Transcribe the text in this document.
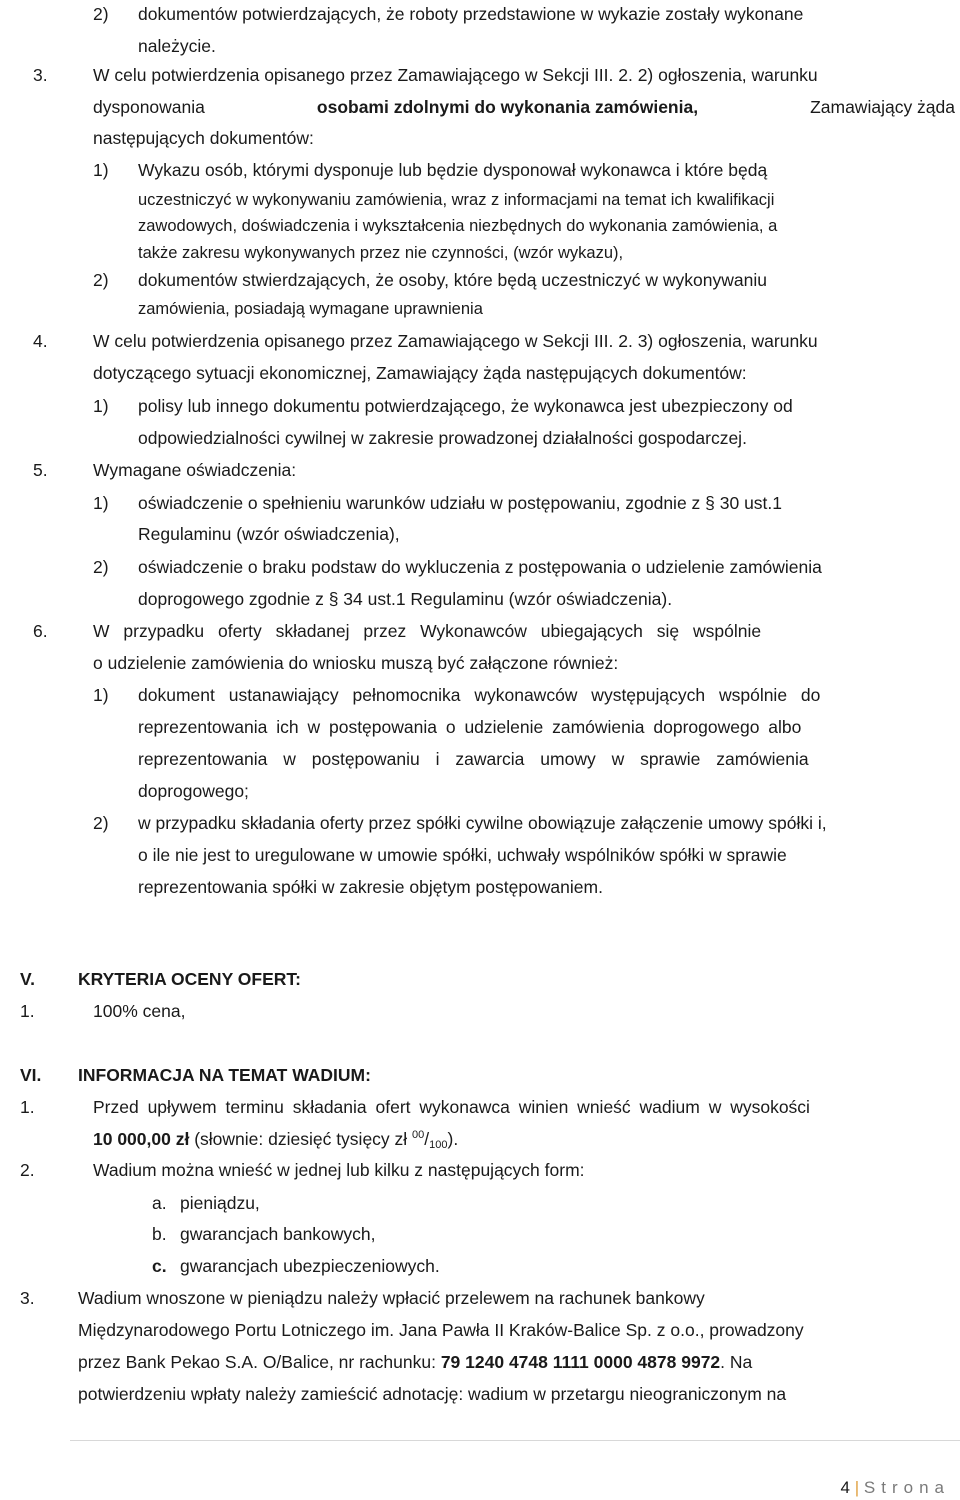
2) dokumentów potwierdzających, że roboty przedstawione w wykazie zostały wykonane
należycie.
3.	W celu potwierdzenia opisanego przez Zamawiającego w Sekcji III. 2. 2) ogłoszenia, warunku
dysponowania	osobami zdolnymi do wykonania zamówienia,	Zamawiający żąda
następujących dokumentów:
1) Wykazu osób, którymi dysponuje lub będzie dysponował wykonawca i które będą
uczestniczyć w wykonywaniu zamówienia, wraz z informacjami na temat ich kwalifikacji
zawodowych, doświadczenia i wykształcenia niezbędnych do wykonania zamówienia, a
także zakresu wykonywanych przez nie czynności, (wzór wykazu),
2) dokumentów stwierdzających, że osoby, które będą uczestniczyć w wykonywaniu
zamówienia, posiadają wymagane uprawnienia
4.	W celu potwierdzenia opisanego przez Zamawiającego w Sekcji III. 2. 3) ogłoszenia, warunku
dotyczącego sytuacji ekonomicznej, Zamawiający żąda następujących dokumentów:
1) polisy lub innego dokumentu potwierdzającego, że wykonawca jest ubezpieczony od
odpowiedzialności cywilnej w zakresie prowadzonej działalności gospodarczej.
5.	Wymagane oświadczenia:
1) oświadczenie o spełnieniu warunków udziału w postępowaniu, zgodnie z § 30 ust.1
Regulaminu (wzór oświadczenia),
2) oświadczenie o braku podstaw do wykluczenia z postępowania o udzielenie zamówienia
doprogowego zgodnie z § 34 ust.1 Regulaminu (wzór oświadczenia).
6.	W przypadku oferty składanej przez Wykonawców ubiegających się wspólnie
o udzielenie zamówienia do wniosku muszą być załączone również:
1) dokument ustanawiający pełnomocnika wykonawców występujących wspólnie do
reprezentowania ich w postępowania o udzielenie zamówienia doprogowego albo
reprezentowania w postępowaniu i zawarcia umowy w sprawie zamówienia
doprogowego;
2) w przypadku składania oferty przez spółki cywilne obowiązuje załączenie umowy spółki i,
o ile nie jest to uregulowane w umowie spółki, uchwały wspólników spółki w sprawie
reprezentowania spółki w zakresie objętym postępowaniem.
V. KRYTERIA OCENY OFERT:
1.	100% cena,
VI. INFORMACJA NA TEMAT WADIUM:
1.	Przed upływem terminu składania ofert wykonawca winien wnieść wadium w wysokości
10 000,00 zł (słownie: dziesięć tysięcy zł $^{00}/_{100}$).
2.	Wadium można wnieść w jednej lub kilku z następujących form:
a. pieniądzu,
b. gwarancjach bankowych,
c. gwarancjach ubezpieczeniowych.
3. Wadium wnoszone w pieniądzu należy wpłacić przelewem na rachunek bankowy
Międzynarodowego Portu Lotniczego im. Jana Pawła II Kraków-Balice Sp. z o.o., prowadzony
przez Bank Pekao S.A. O/Balice, nr rachunku: 79 1240 4748 1111 0000 4878 9972. Na
potwierdzeniu wpłaty należy zamieścić adnotację: wadium w przetargu nieograniczonym na
4 | Strona
